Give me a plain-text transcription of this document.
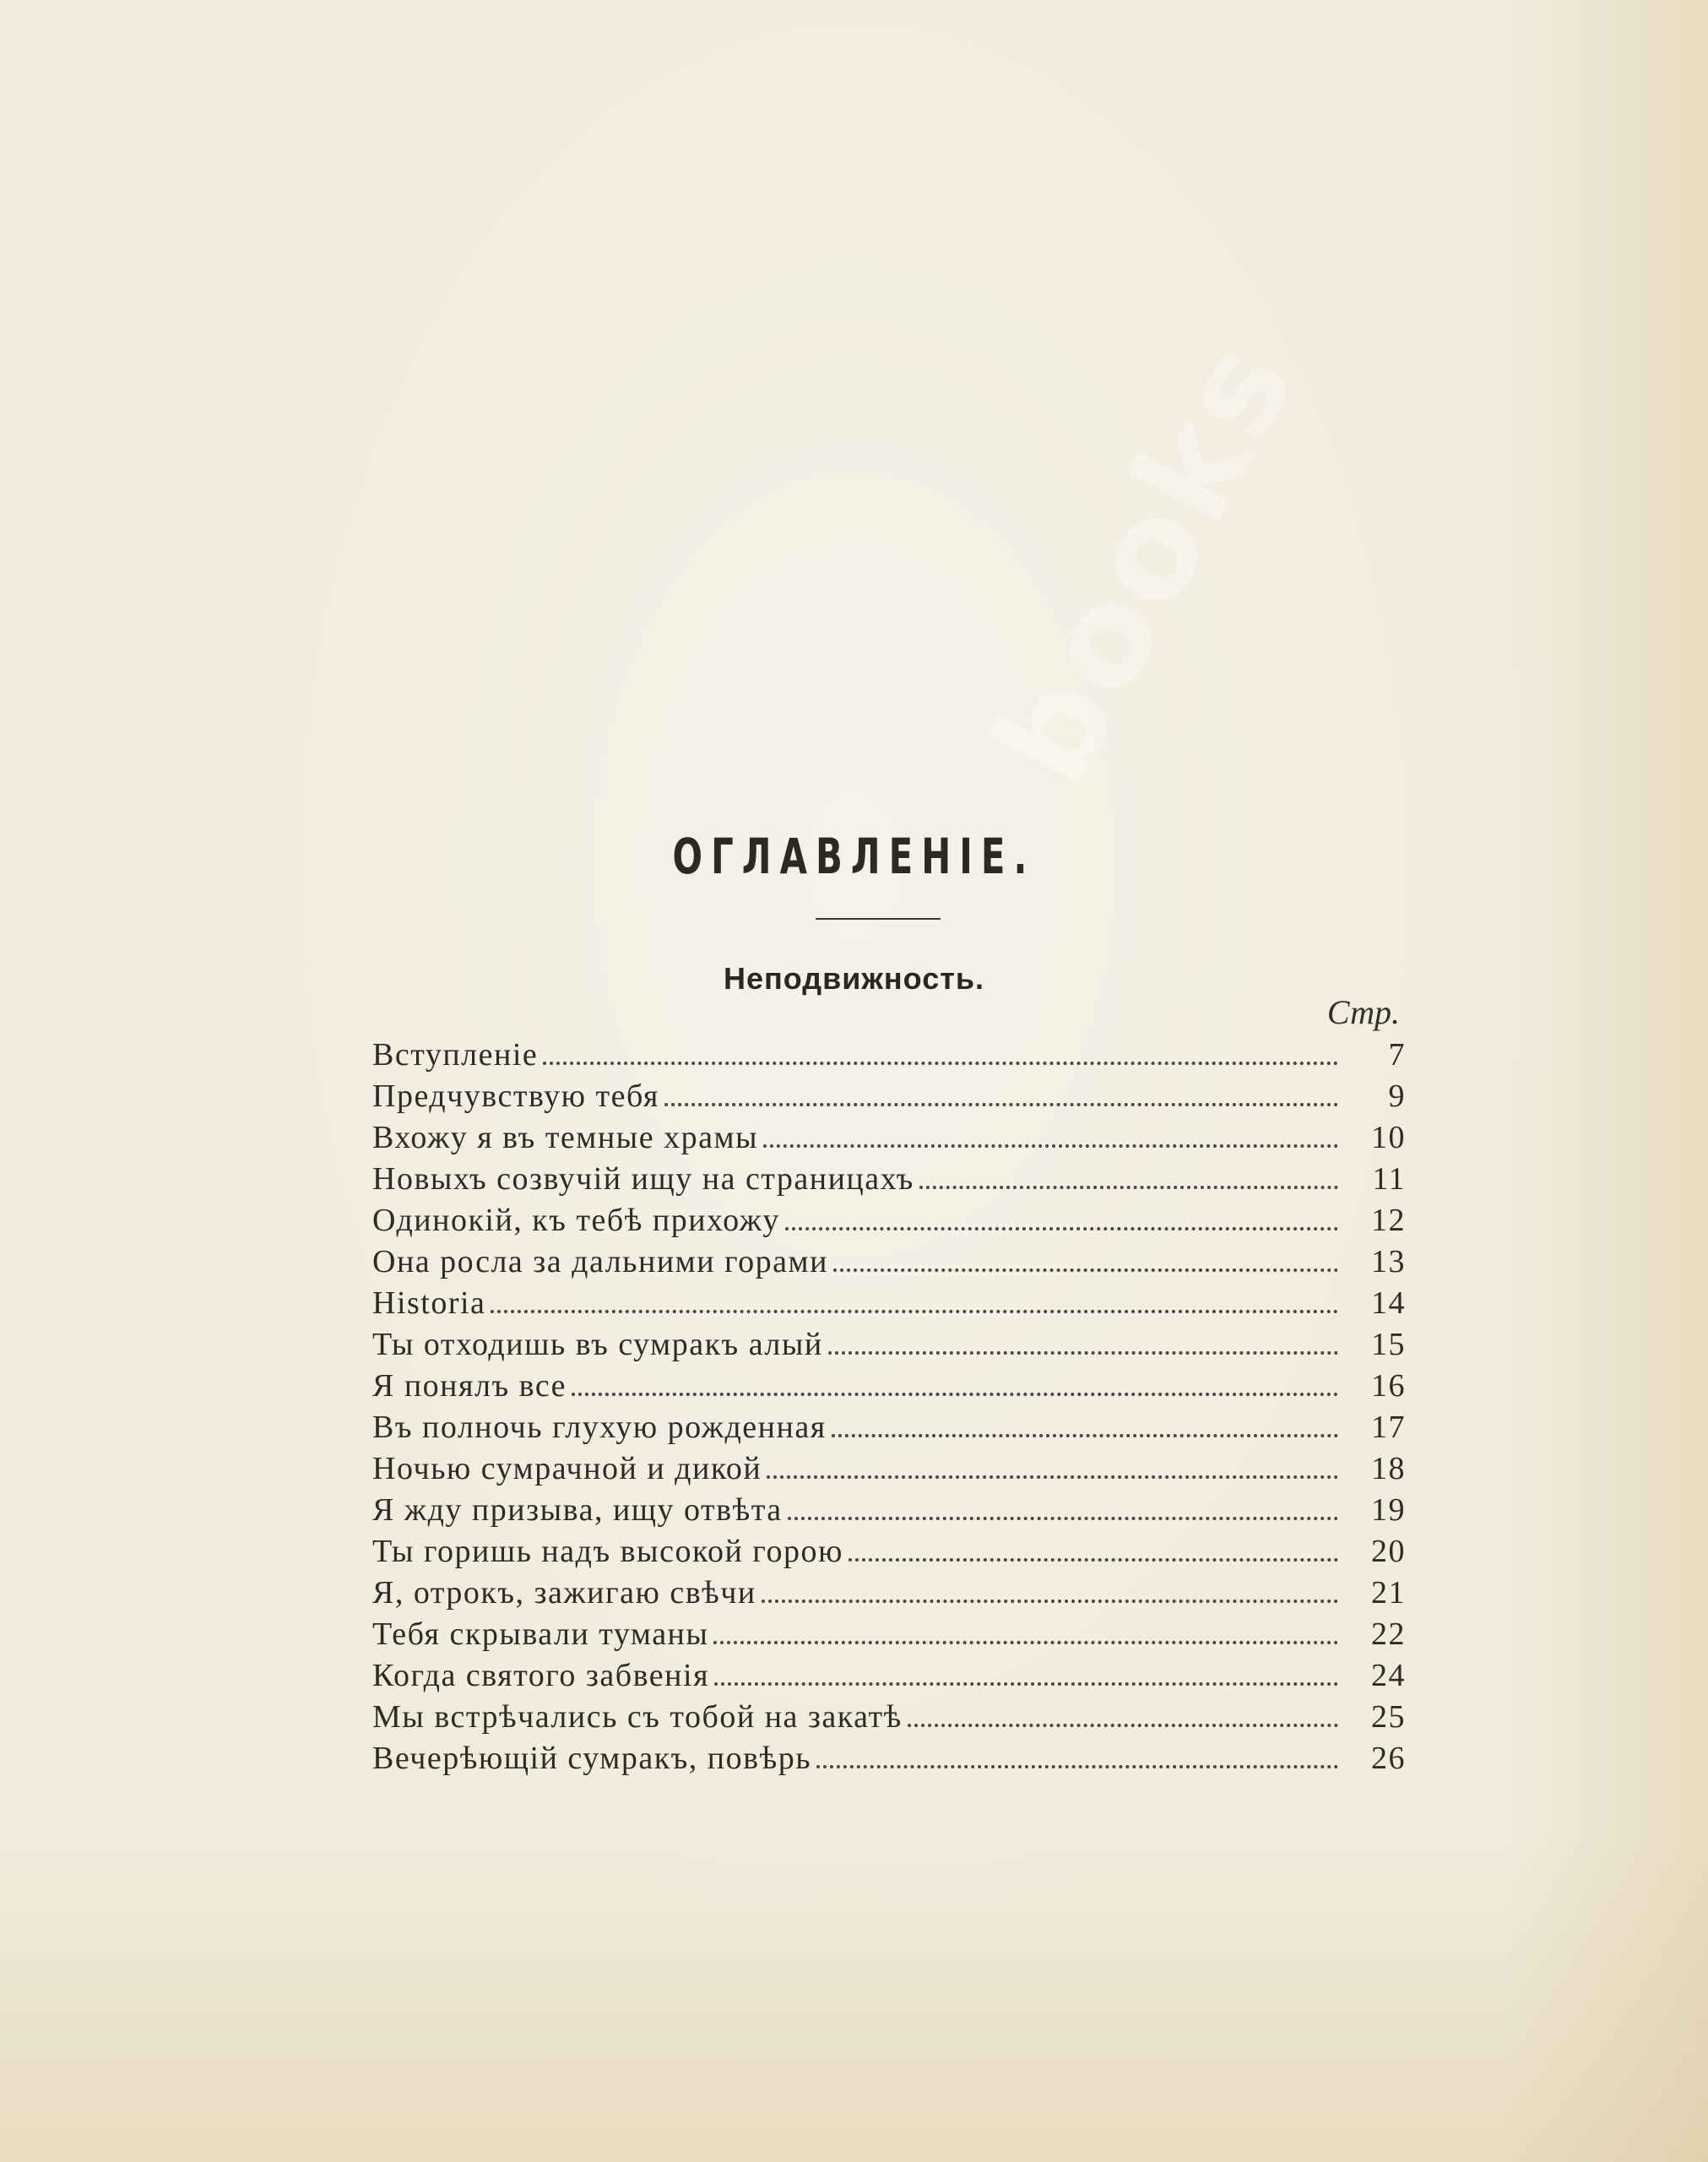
books
ОГЛАВЛЕНІЕ.
Неподвижность.
Стр.
Вступленіе	7
Предчувствую тебя	9
Вхожу я въ темные храмы	10
Новыхъ созвучій ищу на страницахъ	11
Одинокій, къ тебѣ прихожу	12
Она росла за дальними горами	13
Historia	14
Ты отходишь въ сумракъ алый	15
Я понялъ все	16
Въ полночь глухую рожденная	17
Ночью сумрачной и дикой	18
Я жду призыва, ищу отвѣта	19
Ты горишь надъ высокой горою	20
Я, отрокъ, зажигаю свѣчи	21
Тебя скрывали туманы	22
Когда святого забвенія	24
Мы встрѣчались съ тобой на закатѣ	25
Вечерѣющій сумракъ, повѣрь	26
